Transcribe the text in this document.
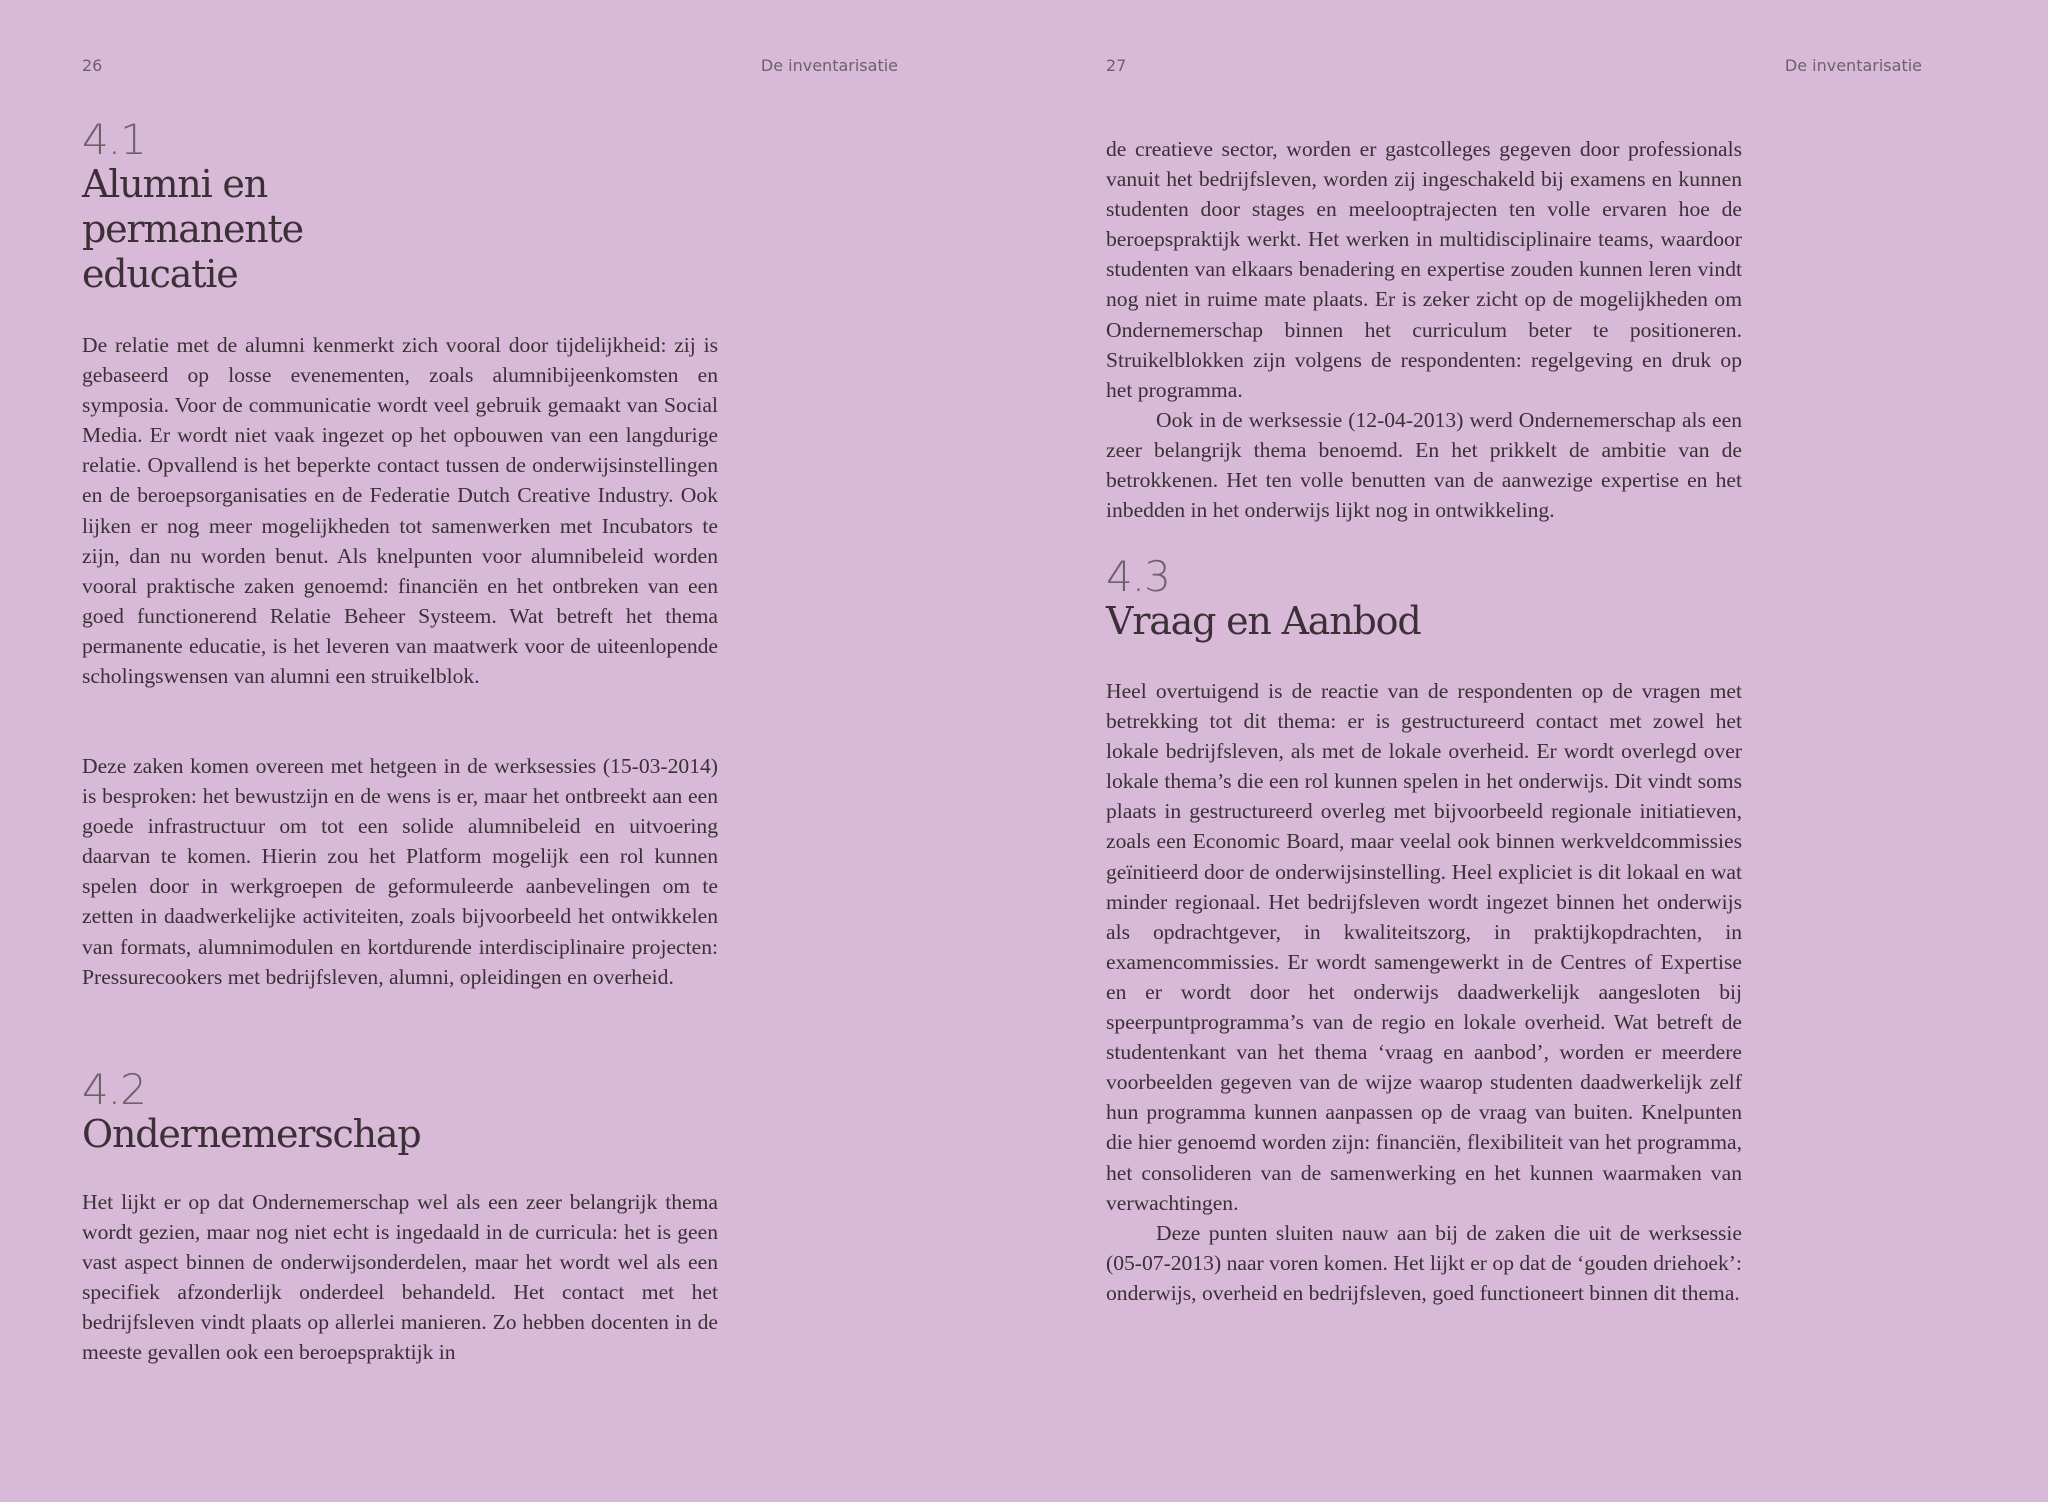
26	De inventarisatie
4.1
Alumni en
permanente
educatie

De relatie met de alumni kenmerkt zich vooral door tijdelijkheid: zij is gebaseerd op losse evenementen, zoals alumnibijeenkomsten en symposia. Voor de communicatie wordt veel gebruik gemaakt van Social Media. Er wordt niet vaak ingezet op het opbouwen van een langdurige relatie. Opvallend is het beperkte contact tussen de onderwijsinstellingen en de beroepsorganisaties en de Federatie Dutch Creative Industry. Ook lijken er nog meer mogelijkheden tot samenwerken met Incubators te zijn, dan nu worden benut. Als knelpunten voor alumnibeleid worden vooral praktische zaken genoemd: financiën en het ontbreken van een goed functionerend Relatie Beheer Systeem. Wat betreft het thema permanente educatie, is het leveren van maatwerk voor de uiteenlopende scholingswensen van alumni een struikelblok.

Deze zaken komen overeen met hetgeen in de werksessies (15-03-2014) is besproken: het bewustzijn en de wens is er, maar het ontbreekt aan een goede infrastructuur om tot een solide alumnibeleid en uitvoering daarvan te komen. Hierin zou het Platform mogelijk een rol kunnen spelen door in werkgroepen de geformuleerde aanbevelingen om te zetten in daadwerkelijke activiteiten, zoals bijvoorbeeld het ontwikkelen van formats, alumnimodulen en kortdurende interdisciplinaire projecten: Pressurecookers met bedrijfsleven, alumni, opleidingen en overheid.

4.2
Ondernemerschap

Het lijkt er op dat Ondernemerschap wel als een zeer belangrijk thema wordt gezien, maar nog niet echt is ingedaald in de curricula: het is geen vast aspect binnen de onderwijsonderdelen, maar het wordt wel als een specifiek afzonderlijk onderdeel behandeld. Het contact met het bedrijfsleven vindt plaats op allerlei manieren. Zo hebben docenten in de meeste gevallen ook een beroepspraktijk in

27	De inventarisatie

de creatieve sector, worden er gastcolleges gegeven door professionals vanuit het bedrijfsleven, worden zij ingeschakeld bij examens en kunnen studenten door stages en meelooptrajecten ten volle ervaren hoe de beroepspraktijk werkt. Het werken in multidisciplinaire teams, waardoor studenten van elkaars benadering en expertise zouden kunnen leren vindt nog niet in ruime mate plaats. Er is zeker zicht op de mogelijkheden om Ondernemerschap binnen het curriculum beter te positioneren. Struikelblokken zijn volgens de respondenten: regelgeving en druk op het programma.

Ook in de werksessie (12-04-2013) werd Ondernemerschap als een zeer belangrijk thema benoemd. En het prikkelt de ambitie van de betrokkenen. Het ten volle benutten van de aanwezige expertise en het inbedden in het onderwijs lijkt nog in ontwikkeling.

4.3
Vraag en Aanbod

Heel overtuigend is de reactie van de respondenten op de vragen met betrekking tot dit thema: er is gestructureerd contact met zowel het lokale bedrijfsleven, als met de lokale overheid. Er wordt overlegd over lokale thema’s die een rol kunnen spelen in het onderwijs. Dit vindt soms plaats in gestructureerd overleg met bijvoorbeeld regionale initiatieven, zoals een Economic Board, maar veelal ook binnen werkveldcommissies geïnitieerd door de onderwijsinstelling. Heel expliciet is dit lokaal en wat minder regionaal. Het bedrijfsleven wordt ingezet binnen het onderwijs als opdrachtgever, in kwaliteitszorg, in praktijkopdrachten, in examencommissies. Er wordt samengewerkt in de Centres of Expertise en er wordt door het onderwijs daadwerkelijk aangesloten bij speerpuntprogramma’s van de regio en lokale overheid. Wat betreft de studentenkant van het thema ‘vraag en aanbod’, worden er meerdere voorbeelden gegeven van de wijze waarop studenten daadwerkelijk zelf hun programma kunnen aanpassen op de vraag van buiten. Knelpunten die hier genoemd worden zijn: financiën, flexibiliteit van het programma, het consolideren van de samenwerking en het kunnen waarmaken van verwachtingen.

Deze punten sluiten nauw aan bij de zaken die uit de werksessie (05-07-2013) naar voren komen. Het lijkt er op dat de ‘gouden driehoek’: onderwijs, overheid en bedrijfsleven, goed functioneert binnen dit thema.
